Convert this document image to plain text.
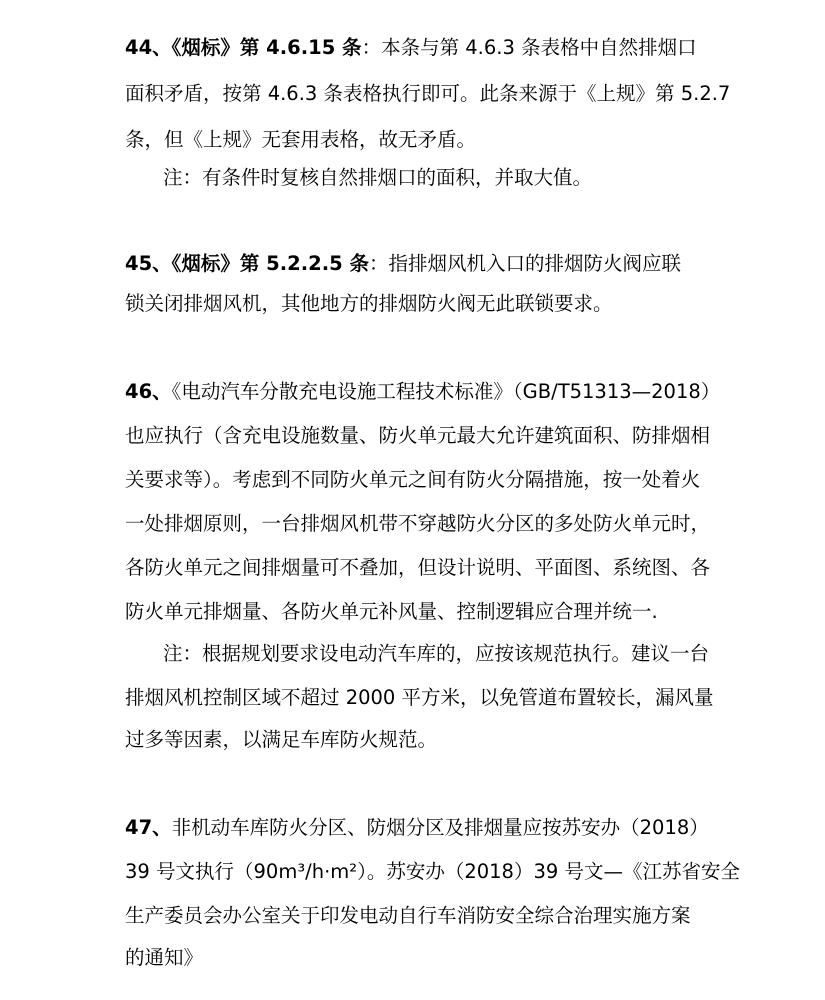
44、《烟标》第 4.6.15 条：本条与第 4.6.3 条表格中自然排烟口
面积矛盾，按第 4.6.3 条表格执行即可。此条来源于《上规》第 5.2.7
条，但《上规》无套用表格，故无矛盾。
注：有条件时复核自然排烟口的面积，并取大值。
45、《烟标》第 5.2.2.5 条：指排烟风机入口的排烟防火阀应联
锁关闭排烟风机，其他地方的排烟防火阀无此联锁要求。
46、《电动汽车分散充电设施工程技术标准》（GB/T51313—2018）
也应执行（含充电设施数量、防火单元最大允许建筑面积、防排烟相
关要求等）。考虑到不同防火单元之间有防火分隔措施，按一处着火
一处排烟原则，一台排烟风机带不穿越防火分区的多处防火单元时，
各防火单元之间排烟量可不叠加，但设计说明、平面图、系统图、各
防火单元排烟量、各防火单元补风量、控制逻辑应合理并统一.
注：根据规划要求设电动汽车库的，应按该规范执行。建议一台
排烟风机控制区域不超过 2000 平方米，以免管道布置较长，漏风量
过多等因素，以满足车库防火规范。
47、非机动车库防火分区、防烟分区及排烟量应按苏安办（2018）
39 号文执行（90m³/h·m²）。苏安办（2018）39 号文—《江苏省安全
生产委员会办公室关于印发电动自行车消防安全综合治理实施方案
的通知》
